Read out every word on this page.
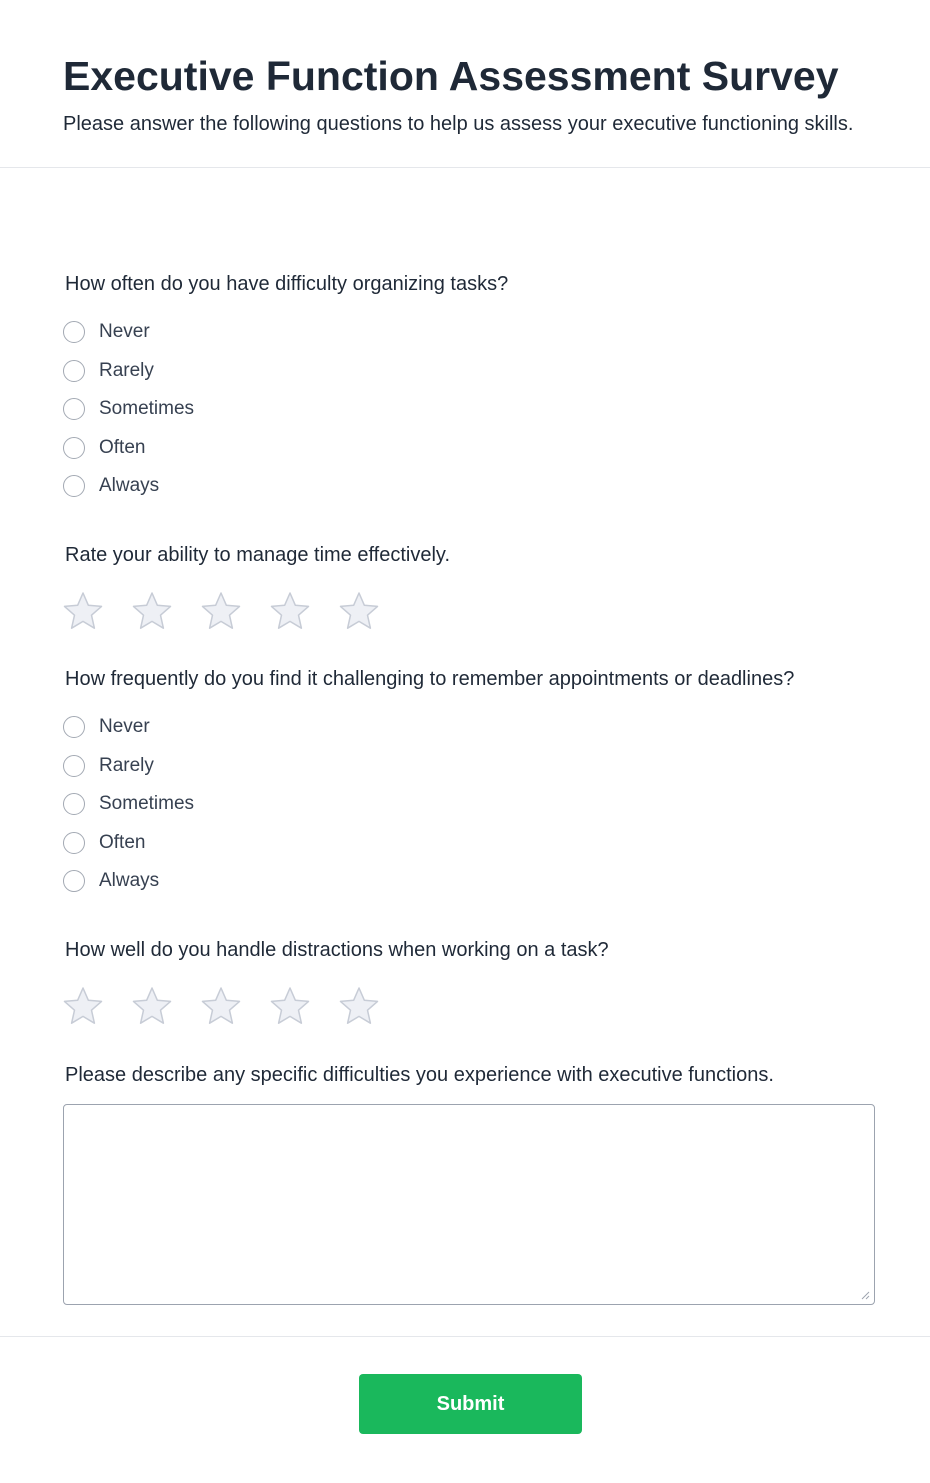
Executive Function Assessment Survey

Please answer the following questions to help us assess your executive functioning skills.

How often do you have difficulty organizing tasks?
Never
Rarely
Sometimes
Often
Always
Rate your ability to manage time effectively.
How frequently do you find it challenging to remember appointments or deadlines?
Never
Rarely
Sometimes
Often
Always
How well do you handle distractions when working on a task?
Please describe any specific difficulties you experience with executive functions.
Submit
